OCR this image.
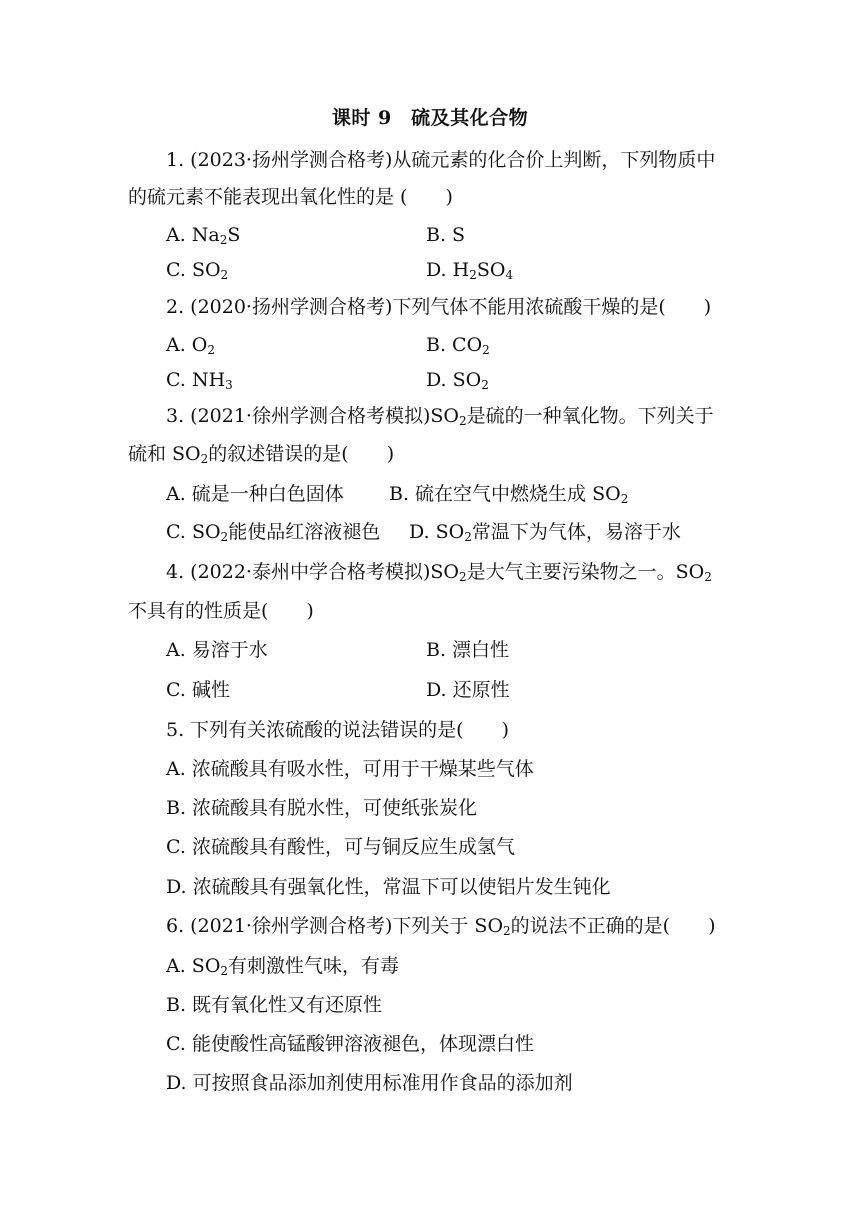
课时 9　硫及其化合物
1. (2023·扬州学测合格考)从硫元素的化合价上判断，下列物质中
的硫元素不能表现出氧化性的是 (　　)
A. $Na_2S$	B. S
C. $SO_2$	D. $H_2SO_4$
2. (2020·扬州学测合格考)下列气体不能用浓硫酸干燥的是(　　)
A. $O_2$	B. $CO_2$
C. $NH_3$	D. $SO_2$
3. (2021·徐州学测合格考模拟)$SO_2$是硫的一种氧化物。下列关于
硫和 $SO_2$的叙述错误的是(　　)
A. 硫是一种白色固体 B. 硫在空气中燃烧生成 $SO_2$
C. $SO_2$能使品红溶液褪色 D. $SO_2$常温下为气体，易溶于水
4. (2022·泰州中学合格考模拟)$SO_2$是大气主要污染物之一。$SO_2$
不具有的性质是(　　)
A. 易溶于水	B. 漂白性
C. 碱性	D. 还原性
5. 下列有关浓硫酸的说法错误的是(　　)
A. 浓硫酸具有吸水性，可用于干燥某些气体
B. 浓硫酸具有脱水性，可使纸张炭化
C. 浓硫酸具有酸性，可与铜反应生成氢气
D. 浓硫酸具有强氧化性，常温下可以使铝片发生钝化
6. (2021·徐州学测合格考)下列关于 $SO_2$的说法不正确的是(　　)
A. $SO_2$有刺激性气味，有毒
B. 既有氧化性又有还原性
C. 能使酸性高锰酸钾溶液褪色，体现漂白性
D. 可按照食品添加剂使用标准用作食品的添加剂
